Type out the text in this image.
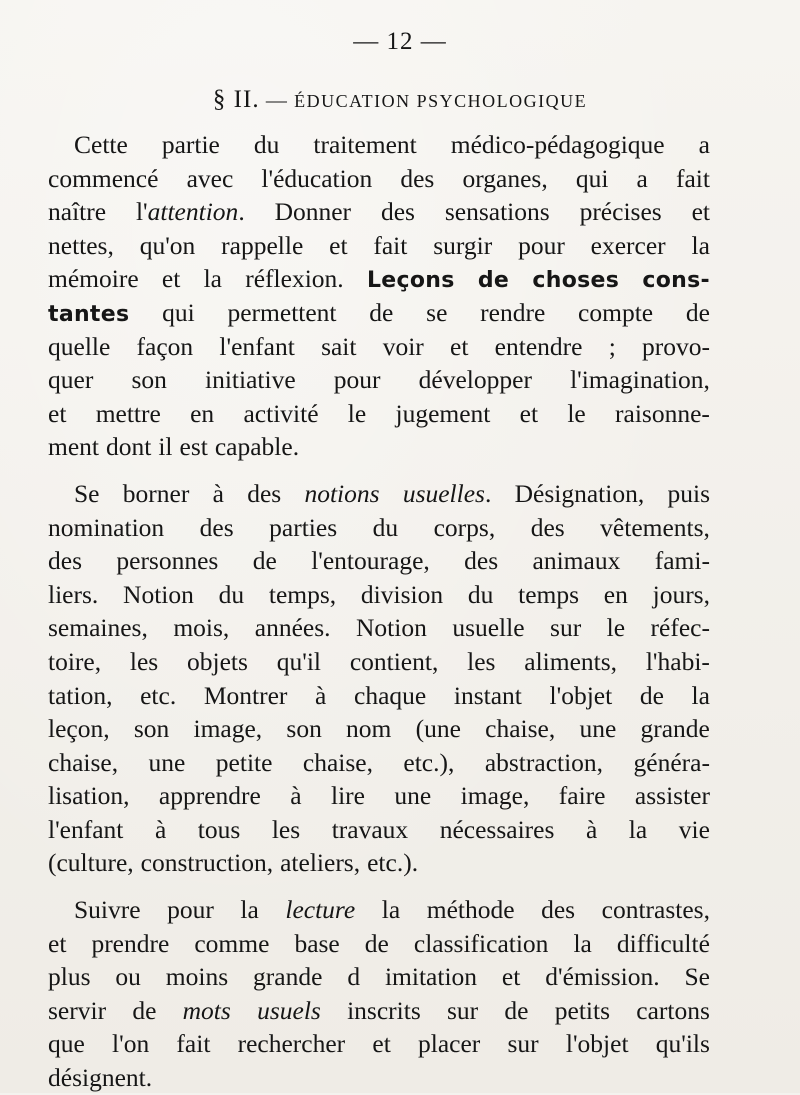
— 12 —
§ II. — ÉDUCATION PSYCHOLOGIQUE
Cette partie du traitement médico-pédagogique a
commencé avec l'éducation des organes, qui a fait
naître l'attention. Donner des sensations précises et
nettes, qu'on rappelle et fait surgir pour exercer la
mémoire et la réflexion. Leçons de choses cons-
tantes qui permettent de se rendre compte de
quelle façon l'enfant sait voir et entendre ; provo-
quer son initiative pour développer l'imagination,
et mettre en activité le jugement et le raisonne-
ment dont il est capable.
Se borner à des notions usuelles. Désignation, puis
nomination des parties du corps, des vêtements,
des personnes de l'entourage, des animaux fami-
liers. Notion du temps, division du temps en jours,
semaines, mois, années. Notion usuelle sur le réfec-
toire, les objets qu'il contient, les aliments, l'habi-
tation, etc. Montrer à chaque instant l'objet de la
leçon, son image, son nom (une chaise, une grande
chaise, une petite chaise, etc.), abstraction, généra-
lisation, apprendre à lire une image, faire assister
l'enfant à tous les travaux nécessaires à la vie
(culture, construction, ateliers, etc.).
Suivre pour la lecture la méthode des contrastes,
et prendre comme base de classification la difficulté
plus ou moins grande d imitation et d'émission. Se
servir de mots usuels inscrits sur de petits cartons
que l'on fait rechercher et placer sur l'objet qu'ils
désignent.
